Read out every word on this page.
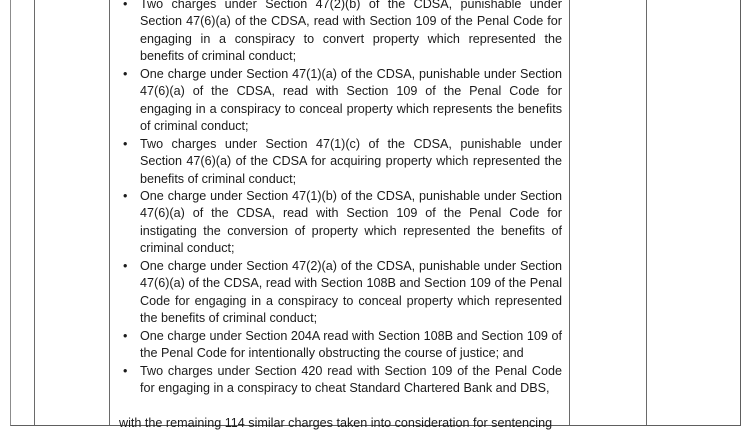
• Two charges under Section 47(2)(b) of the CDSA, punishable under Section 47(6)(a) of the CDSA, read with Section 109 of the Penal Code for engaging in a conspiracy to convert property which represented the benefits of criminal conduct;
• One charge under Section 47(1)(a) of the CDSA, punishable under Section 47(6)(a) of the CDSA, read with Section 109 of the Penal Code for engaging in a conspiracy to conceal property which represents the benefits of criminal conduct;
• Two charges under Section 47(1)(c) of the CDSA, punishable under Section 47(6)(a) of the CDSA for acquiring property which represented the benefits of criminal conduct;
• One charge under Section 47(1)(b) of the CDSA, punishable under Section 47(6)(a) of the CDSA, read with Section 109 of the Penal Code for instigating the conversion of property which represented the benefits of criminal conduct;
• One charge under Section 47(2)(a) of the CDSA, punishable under Section 47(6)(a) of the CDSA, read with Section 108B and Section 109 of the Penal Code for engaging in a conspiracy to conceal property which represented the benefits of criminal conduct;
• One charge under Section 204A read with Section 108B and Section 109 of the Penal Code for intentionally obstructing the course of justice; and
• Two charges under Section 420 read with Section 109 of the Penal Code for engaging in a conspiracy to cheat Standard Chartered Bank and DBS,
with the remaining 114 similar charges taken into consideration for sentencing
